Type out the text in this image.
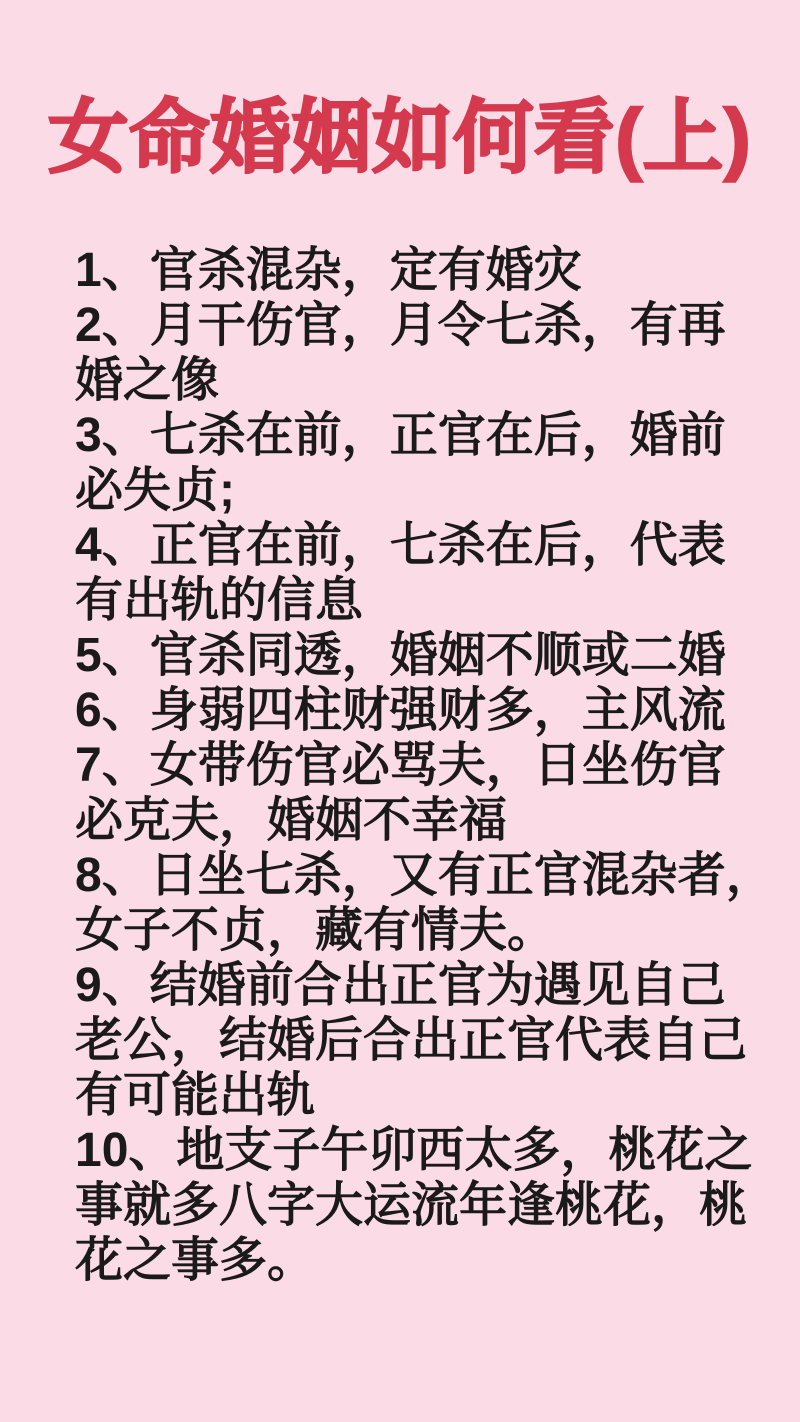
女命婚姻如何看(上)
1、官杀混杂，定有婚灾
2、月干伤官，月令七杀，有再
婚之像
3、七杀在前，正官在后，婚前
必失贞;
4、正官在前，七杀在后，代表
有出轨的信息
5、官杀同透，婚姻不顺或二婚
6、身弱四柱财强财多，主风流
7、女带伤官必骂夫，日坐伤官
必克夫，婚姻不幸福
8、日坐七杀，又有正官混杂者，
女子不贞，藏有情夫。
9、结婚前合出正官为遇见自己
老公，结婚后合出正官代表自己
有可能出轨
10、地支子午卯西太多，桃花之
事就多八字大运流年逢桃花，桃
花之事多。
